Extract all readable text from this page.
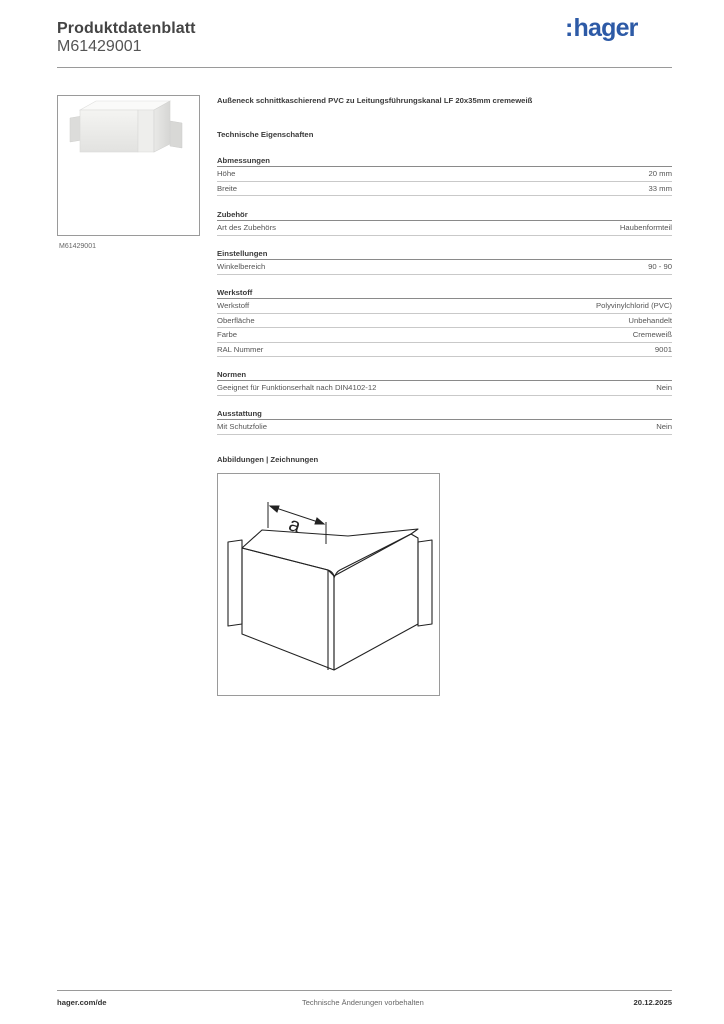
Produktdatenblatt
M61429001
:hager
M61429001
Außeneck schnittkaschierend PVC zu Leitungsführungskanal LF 20x35mm cremeweiß
Technische Eigenschaften
Abmessungen
Höhe	20 mm
Breite	33 mm
Zubehör
Art des Zubehörs	Haubenformteil
Einstellungen
Winkelbereich	90 - 90
Werkstoff
Werkstoff	Polyvinylchlorid (PVC)
Oberfläche	Unbehandelt
Farbe	Cremeweiß
RAL Nummer	9001
Normen
Geeignet für Funktionserhalt nach DIN4102-12	Nein
Ausstattung
Mit Schutzfolie	Nein
Abbildungen | Zeichnungen
a
hager.com/de	Technische Änderungen vorbehalten	20.12.2025
